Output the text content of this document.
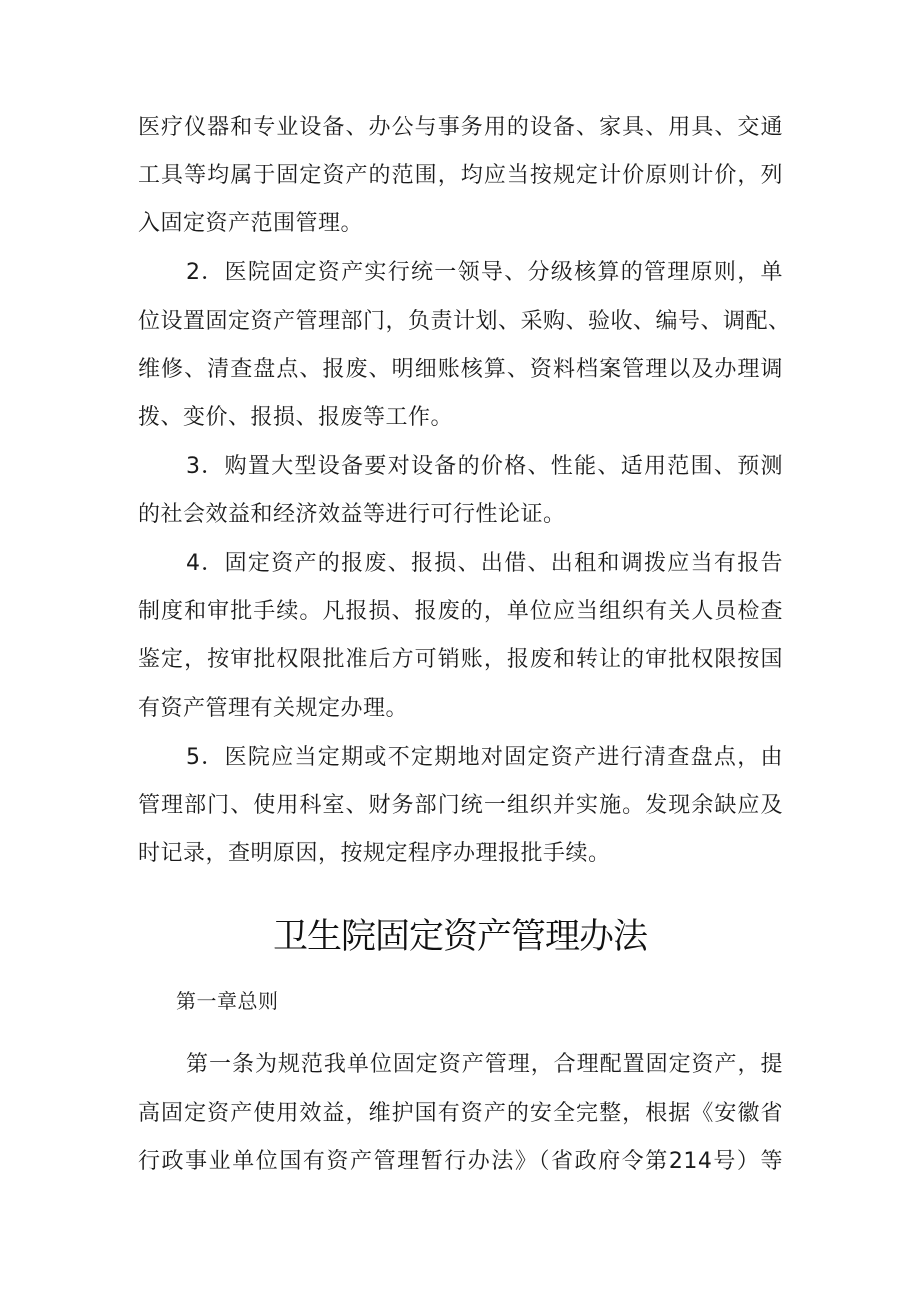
医疗仪器和专业设备、办公与事务用的设备、家具、用具、交通
工具等均属于固定资产的范围，均应当按规定计价原则计价，列
入固定资产范围管理。
2．医院固定资产实行统一领导、分级核算的管理原则，单
位设置固定资产管理部门，负责计划、采购、验收、编号、调配、
维修、清查盘点、报废、明细账核算、资料档案管理以及办理调
拨、变价、报损、报废等工作。
3．购置大型设备要对设备的价格、性能、适用范围、预测
的社会效益和经济效益等进行可行性论证。
4．固定资产的报废、报损、出借、出租和调拨应当有报告
制度和审批手续。凡报损、报废的，单位应当组织有关人员检查
鉴定，按审批权限批准后方可销账，报废和转让的审批权限按国
有资产管理有关规定办理。
5．医院应当定期或不定期地对固定资产进行清查盘点，由
管理部门、使用科室、财务部门统一组织并实施。发现余缺应及
时记录，查明原因，按规定程序办理报批手续。
卫生院固定资产管理办法
第一章总则
第一条为规范我单位固定资产管理，合理配置固定资产，提
高固定资产使用效益，维护国有资产的安全完整，根据《安徽省
行政事业单位国有资产管理暂行办法》（省政府令第214号）等
